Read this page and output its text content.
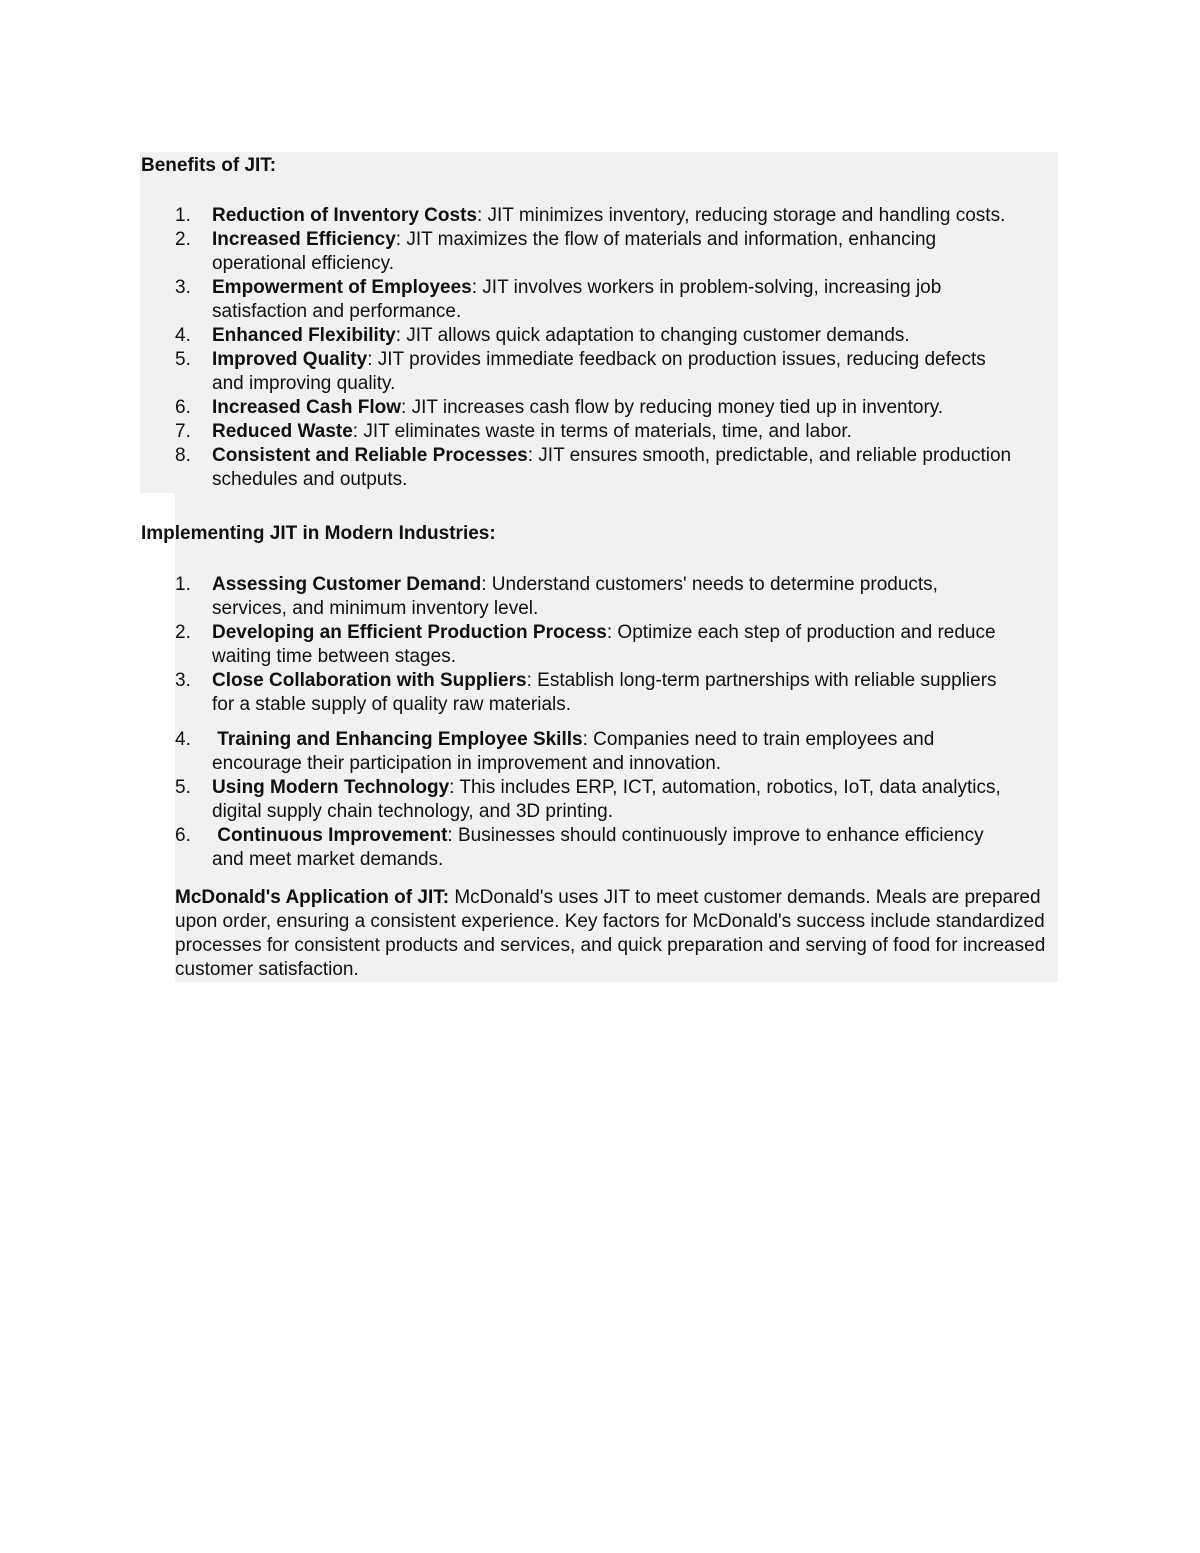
Benefits of JIT:
1. Reduction of Inventory Costs: JIT minimizes inventory, reducing storage and handling costs.
2. Increased Efficiency: JIT maximizes the flow of materials and information, enhancing
operational efficiency.
3. Empowerment of Employees: JIT involves workers in problem-solving, increasing job
satisfaction and performance.
4. Enhanced Flexibility: JIT allows quick adaptation to changing customer demands.
5. Improved Quality: JIT provides immediate feedback on production issues, reducing defects
and improving quality.
6. Increased Cash Flow: JIT increases cash flow by reducing money tied up in inventory.
7. Reduced Waste: JIT eliminates waste in terms of materials, time, and labor.
8. Consistent and Reliable Processes: JIT ensures smooth, predictable, and reliable production
schedules and outputs.
Implementing JIT in Modern Industries:
1. Assessing Customer Demand: Understand customers' needs to determine products,
services, and minimum inventory level.
2. Developing an Efficient Production Process: Optimize each step of production and reduce
waiting time between stages.
3. Close Collaboration with Suppliers: Establish long-term partnerships with reliable suppliers
for a stable supply of quality raw materials.
4. Training and Enhancing Employee Skills: Companies need to train employees and
encourage their participation in improvement and innovation.
5. Using Modern Technology: This includes ERP, ICT, automation, robotics, IoT, data analytics,
digital supply chain technology, and 3D printing.
6. Continuous Improvement: Businesses should continuously improve to enhance efficiency
and meet market demands.

McDonald's Application of JIT: McDonald's uses JIT to meet customer demands. Meals are prepared upon order, ensuring a consistent experience. Key factors for McDonald's success include standardized processes for consistent products and services, and quick preparation and serving of food for increased customer satisfaction.
